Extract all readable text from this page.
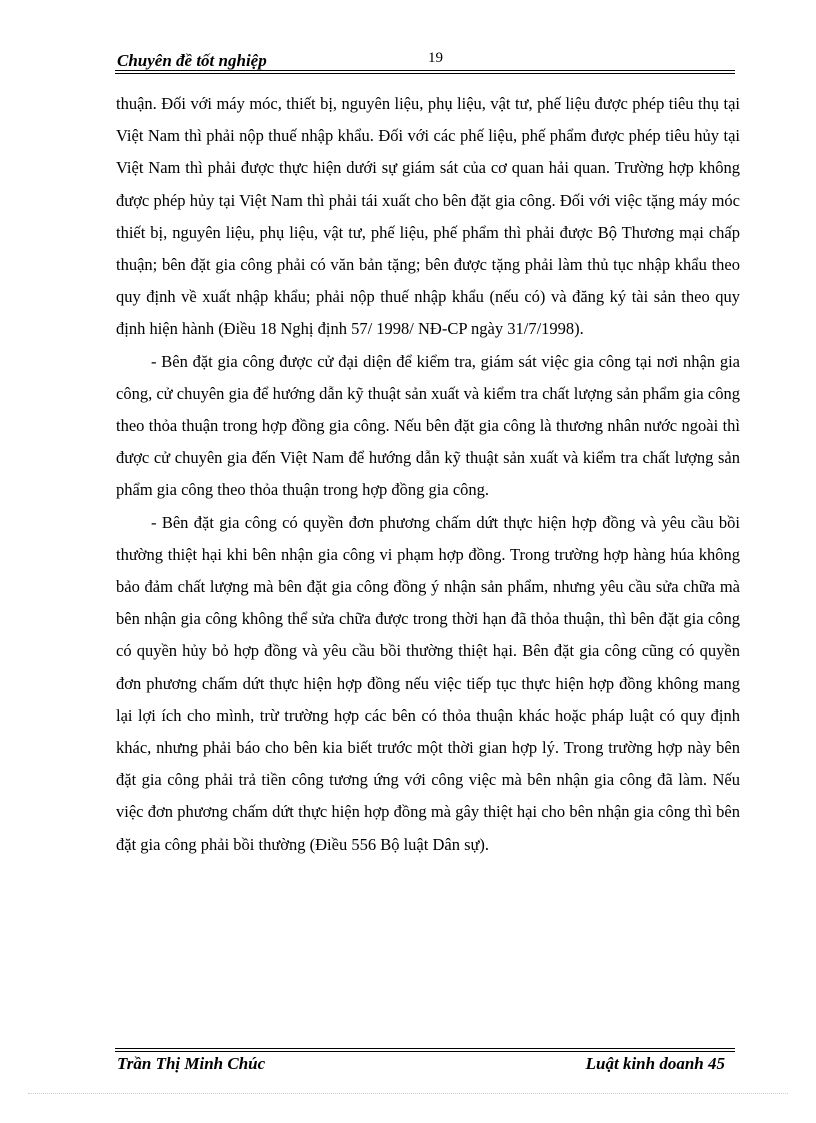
Chuyên đề tốt nghiệp	19

thuận. Đối với máy móc, thiết bị, nguyên liệu, phụ liệu, vật tư, phế liệu được phép tiêu thụ tại Việt Nam thì phải nộp thuế nhập khẩu. Đối với các phế liệu, phế phẩm được phép tiêu hủy tại Việt Nam thì phải được thực hiện dưới sự giám sát của cơ quan hải quan. Trường hợp không được phép hủy tại Việt Nam thì phải tái xuất cho bên đặt gia công. Đối với việc tặng máy móc thiết bị, nguyên liệu, phụ liệu, vật tư, phế liệu, phế phẩm thì phải được Bộ Thương mại chấp thuận; bên đặt gia công phải có văn bản tặng; bên được tặng phải làm thủ tục nhập khẩu theo quy định về xuất nhập khẩu; phải nộp thuế nhập khẩu (nếu có) và đăng ký tài sản theo quy định hiện hành (Điều 18 Nghị định 57/ 1998/ NĐ-CP ngày 31/7/1998).

- Bên đặt gia công được cử đại diện để kiểm tra, giám sát việc gia công tại nơi nhận gia công, cử chuyên gia để hướng dẫn kỹ thuật sản xuất và kiểm tra chất lượng sản phẩm gia công theo thỏa thuận trong hợp đồng gia công. Nếu bên đặt gia công là thương nhân nước ngoài thì được cử chuyên gia đến Việt Nam để hướng dẫn kỹ thuật sản xuất và kiểm tra chất lượng sản phẩm gia công theo thỏa thuận trong hợp đồng gia công.

- Bên đặt gia công có quyền đơn phương chấm dứt thực hiện hợp đồng và yêu cầu bồi thường thiệt hại khi bên nhận gia công vi phạm hợp đồng. Trong trường hợp hàng húa không bảo đảm chất lượng mà bên đặt gia công đồng ý nhận sản phẩm, nhưng yêu cầu sửa chữa mà bên nhận gia công không thể sửa chữa được trong thời hạn đã thỏa thuận, thì bên đặt gia công có quyền hủy bỏ hợp đồng và yêu cầu bồi thường thiệt hại. Bên đặt gia công cũng có quyền đơn phương chấm dứt thực hiện hợp đồng nếu việc tiếp tục thực hiện hợp đồng không mang lại lợi ích cho mình, trừ trường hợp các bên có thỏa thuận khác hoặc pháp luật có quy định khác, nhưng phải báo cho bên kia biết trước một thời gian hợp lý. Trong trường hợp này bên đặt gia công phải trả tiền công tương ứng với công việc mà bên nhận gia công đã làm. Nếu việc đơn phương chấm dứt thực hiện hợp đồng mà gây thiệt hại cho bên nhận gia công thì bên đặt gia công phải bồi thường (Điều 556 Bộ luật Dân sự).

Trần Thị Minh Chúc	Luật kinh doanh 45
